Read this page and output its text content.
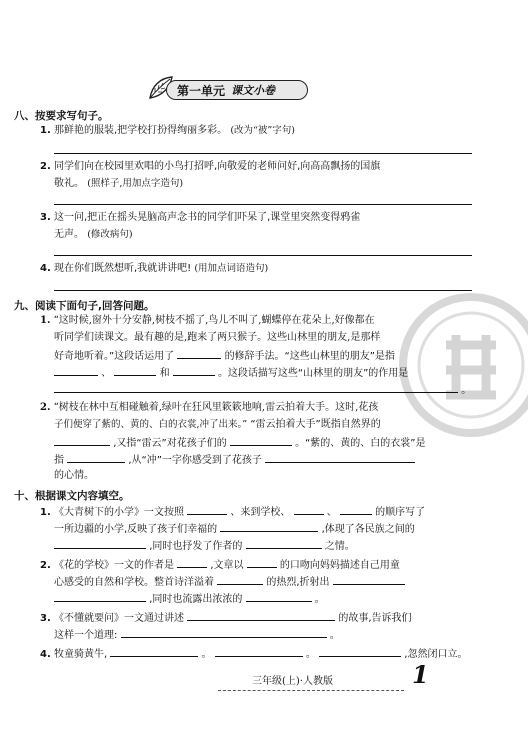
第一单元 课文小卷
八、按要求写句子。
1. 那鲜艳的服装,把学校打扮得绚丽多彩。 (改为“被”字句)
2. 同学们向在校园里欢唱的小鸟打招呼,向敬爱的老师问好,向高高飘扬的国旗
敬礼。 (照样子,用加点字造句)
3. 这一问,把正在摇头晃脑高声念书的同学们吓呆了,课堂里突然变得鸦雀
无声。 (修改病句)
4. 现在你们既然想听,我就讲讲吧! (用加点词语造句)
九、阅读下面句子,回答问题。
1. “这时候,窗外十分安静,树枝不摇了,鸟儿不叫了,蝴蝶停在花朵上,好像都在
听同学们读课文。最有趣的是,跑来了两只猴子。这些山林里的朋友,是那样
好奇地听着。”这段话运用了	的修辞手法。“这些山林里的朋友”是指
、	和	。这段话描写这些“山林里的朋友”的作用是
。
2. “树枝在林中互相碰触着,绿叶在狂风里簌簌地响,雷云拍着大手。这时,花孩
子们便穿了紫的、黄的、白的衣裳,冲了出来。” “雷云拍着大手”既指自然界的
,又指“雷云”对花孩子们的	。“紫的、黄的、白的衣裳”是
指	,从“冲”一字你感受到了花孩子
的心情。
十、根据课文内容填空。
1. 《大青树下的小学》一文按照	、来到学校、	、	的顺序写了
一所边疆的小学,反映了孩子们幸福的	,体现了各民族之间的
,同时也抒发了作者的	之情。
2. 《花的学校》一文的作者是	,文章以	的口吻向妈妈描述自己用童
心感受的自然和学校。整首诗洋溢着	的热烈,折射出
,同时也流露出浓浓的	。
3. 《不懂就要问》一文通过讲述	的故事,告诉我们
这样一个道理:	。
4. 牧童骑黄牛,	。	。	,忽然闭口立。
三年级(上)·人教版	1
